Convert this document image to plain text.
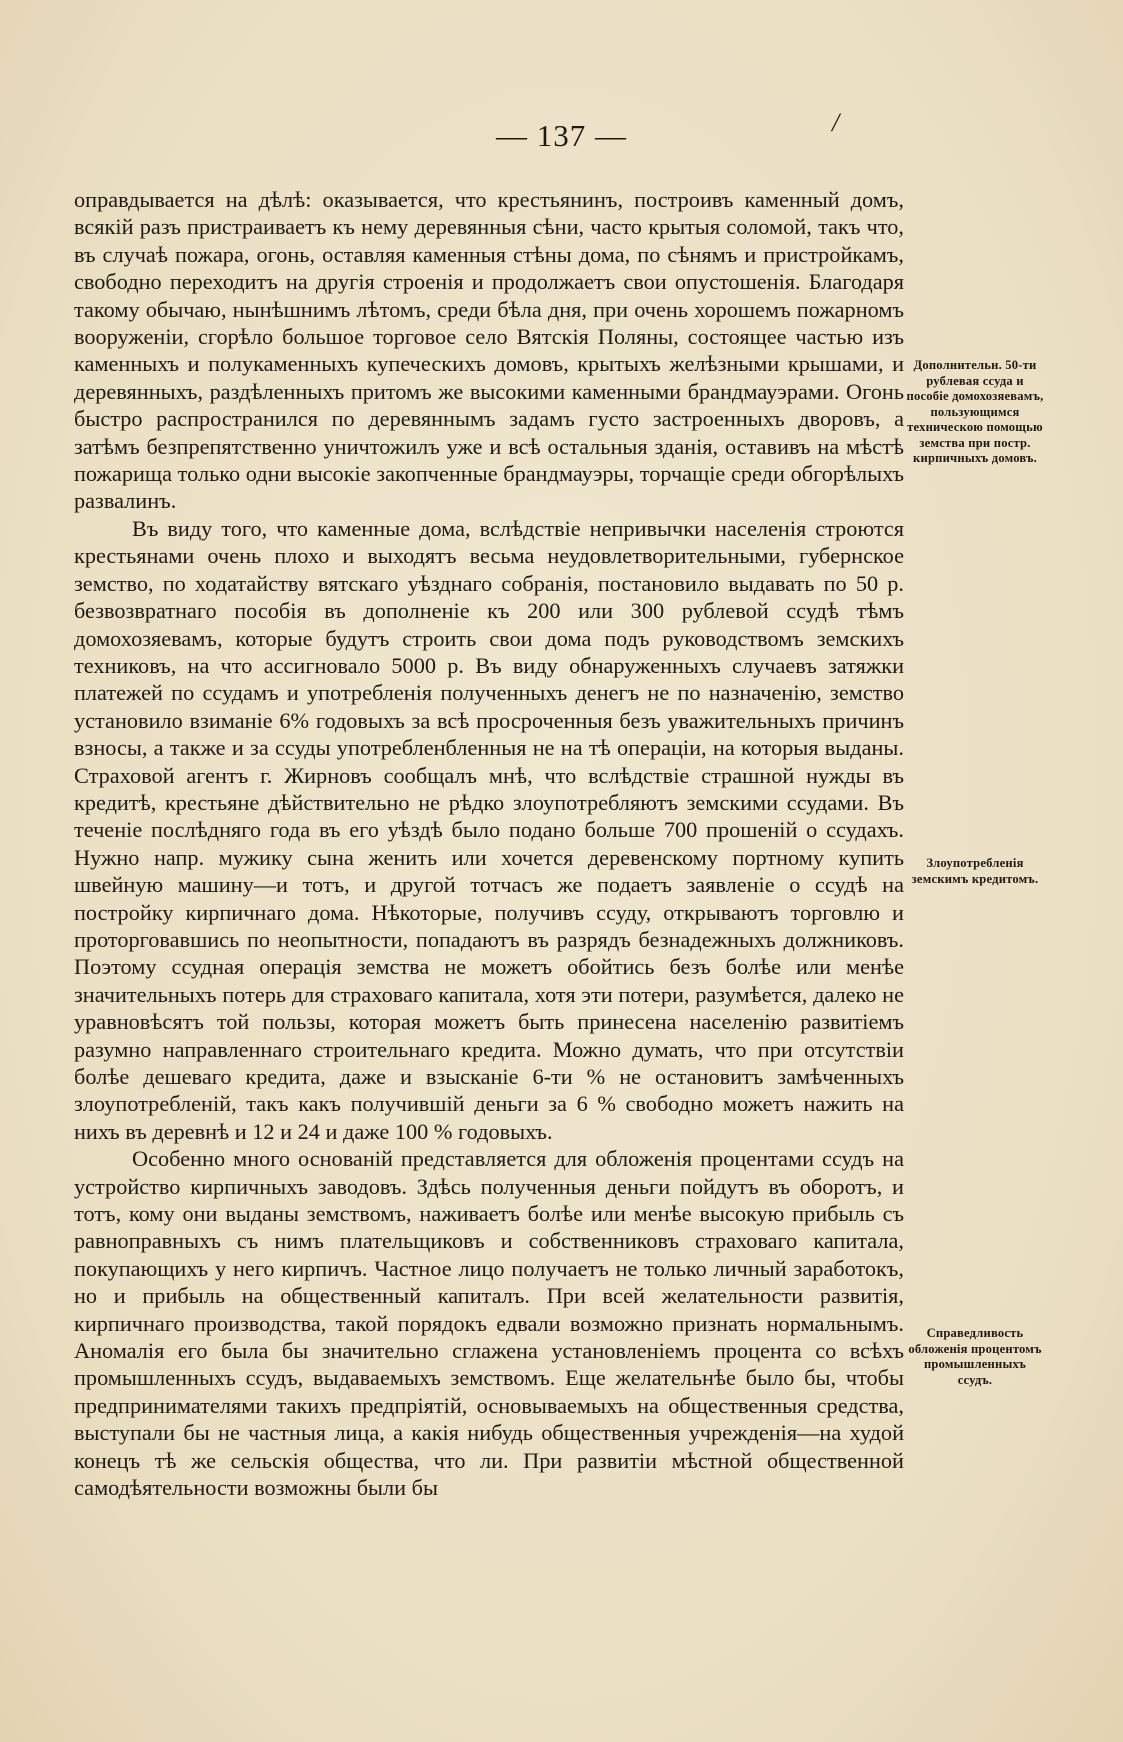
— 137 —	/

оправдывается на дѣлѣ: оказывается, что крестьянинъ, построивъ каменный домъ, всякій разъ пристраиваетъ къ нему деревянныя сѣни, часто крытыя соломой, такъ что, въ случаѣ пожара, огонь, оставляя каменныя стѣны дома, по сѣнямъ и пристройкамъ, свободно переходитъ на другія строенія и продолжаетъ свои опустошенія. Благодаря такому обычаю, нынѣшнимъ лѣтомъ, среди бѣла дня, при очень хорошемъ пожарномъ вооруженіи, сгорѣло большое торговое село Вятскія Поляны, состоящее частью изъ каменныхъ и полукаменныхъ купеческихъ домовъ, крытыхъ желѣзными крышами, и деревянныхъ, раздѣленныхъ притомъ же высокими каменными брандмауэрами. Огонь быстро распространился по деревяннымъ задамъ густо застроенныхъ дворовъ, а затѣмъ безпрепятственно уничтожилъ уже и всѣ остальныя зданія, оставивъ на мѣстѣ пожарища только одни высокіе закопченные брандмауэры, торчащіе среди обгорѣлыхъ развалинъ.

Въ виду того, что каменные дома, вслѣдствіе непривычки населенія строются крестьянами очень плохо и выходятъ весьма неудовлетворительными, губернское земство, по ходатайству вятскаго уѣзднаго собранія, постановило выдавать по 50 р. безвозвратнаго пособія въ дополненіе къ 200 или 300 рублевой ссудѣ тѣмъ домохозяевамъ, которые будутъ строить свои дома подъ руководствомъ земскихъ техниковъ, на что ассигновало 5000 р. Въ виду обнаруженныхъ случаевъ затяжки платежей по ссудамъ и употребленія полученныхъ денегъ не по назначенію, земство установило взиманіе 6% годовыхъ за всѣ просроченныя безъ уважительныхъ причинъ взносы, а также и за ссуды употребленбленныя не на тѣ операціи, на которыя выданы. Страховой агентъ г. Жирновъ сообщалъ мнѣ, что вслѣдствіе страшной нужды въ кредитѣ, крестьяне дѣйствительно не рѣдко злоупотребляютъ земскими ссудами. Въ теченіе послѣдняго года въ его уѣздѣ было подано больше 700 прошеній о ссудахъ. Нужно напр. мужику сына женить или хочется деревенскому портному купить швейную машину—и тотъ, и другой тотчасъ же подаетъ заявленіе о ссудѣ на постройку кирпичнаго дома. Нѣкоторые, получивъ ссуду, открываютъ торговлю и проторговавшись по неопытности, попадаютъ въ разрядъ безнадежныхъ должниковъ. Поэтому ссудная операція земства не можетъ обойтись безъ болѣе или менѣе значительныхъ потерь для страховаго капитала, хотя эти потери, разумѣется, далеко не уравновѣсятъ той пользы, которая можетъ быть принесена населенію развитіемъ разумно направленнаго строительнаго кредита. Можно думать, что при отсутствіи болѣе дешеваго кредита, даже и взысканіе 6-ти % не остановитъ замѣченныхъ злоупотребленій, такъ какъ получившій деньги за 6 % свободно можетъ нажить на нихъ въ деревнѣ и 12 и 24 и даже 100 % годовыхъ.

Особенно много основаній представляется для обложенія процентами ссудъ на устройство кирпичныхъ заводовъ. Здѣсь полученныя деньги пойдутъ въ оборотъ, и тотъ, кому они выданы земствомъ, наживаетъ болѣе или менѣе высокую прибыль съ равноправныхъ съ нимъ плательщиковъ и собственниковъ страховаго капитала, покупающихъ у него кирпичъ. Частное лицо получаетъ не только личный заработокъ, но и прибыль на общественный капиталъ. При всей желательности развитія, кирпичнаго производства, такой порядокъ едвали возможно признать нормальнымъ. Аномалія его была бы значительно сглажена установленіемъ процента со всѣхъ промышленныхъ ссудъ, выдаваемыхъ земствомъ. Еще желательнѣе было бы, чтобы предпринимателями такихъ предпріятій, основываемыхъ на общественныя средства, выступали бы не частныя лица, а какія нибудь общественныя учрежденія—на худой конецъ тѣ же сельскія общества, что ли. При развитіи мѣстной общественной самодѣятельности возможны были бы

Дополнительн. 50-ти рублевая ссуда и пособіе домохозяевамъ, пользующимся техническою помощью земства при постр. кирпичныхъ домовъ.
Злоупотребленія земскимъ кредитомъ.
Справедливость обложенія процентомъ промышленныхъ ссудъ.
